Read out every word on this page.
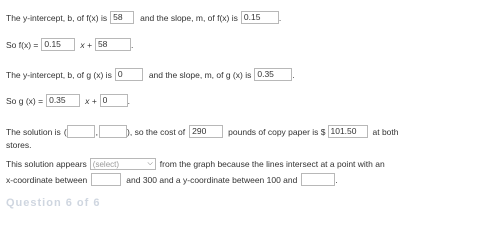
The y-intercept, b, of f(x) is 58	and the slope, m, of f(x) is 0.15	.
So f(x) = 0.15	x + 58	.
The y-intercept, b, of g (x) is 0	and the slope, m, of g (x) is 0.35	.
So g (x) = 0.35	x + 0	.
The solution is (	,	), so the cost of 290	pounds of copy paper is $ 101.50	at both
stores.
This solution appears (select)	⌵ from the graph because the lines intersect at a point with an
x-coordinate between	and 300 and a y-coordinate between 100 and	.
Question 6 of 6
